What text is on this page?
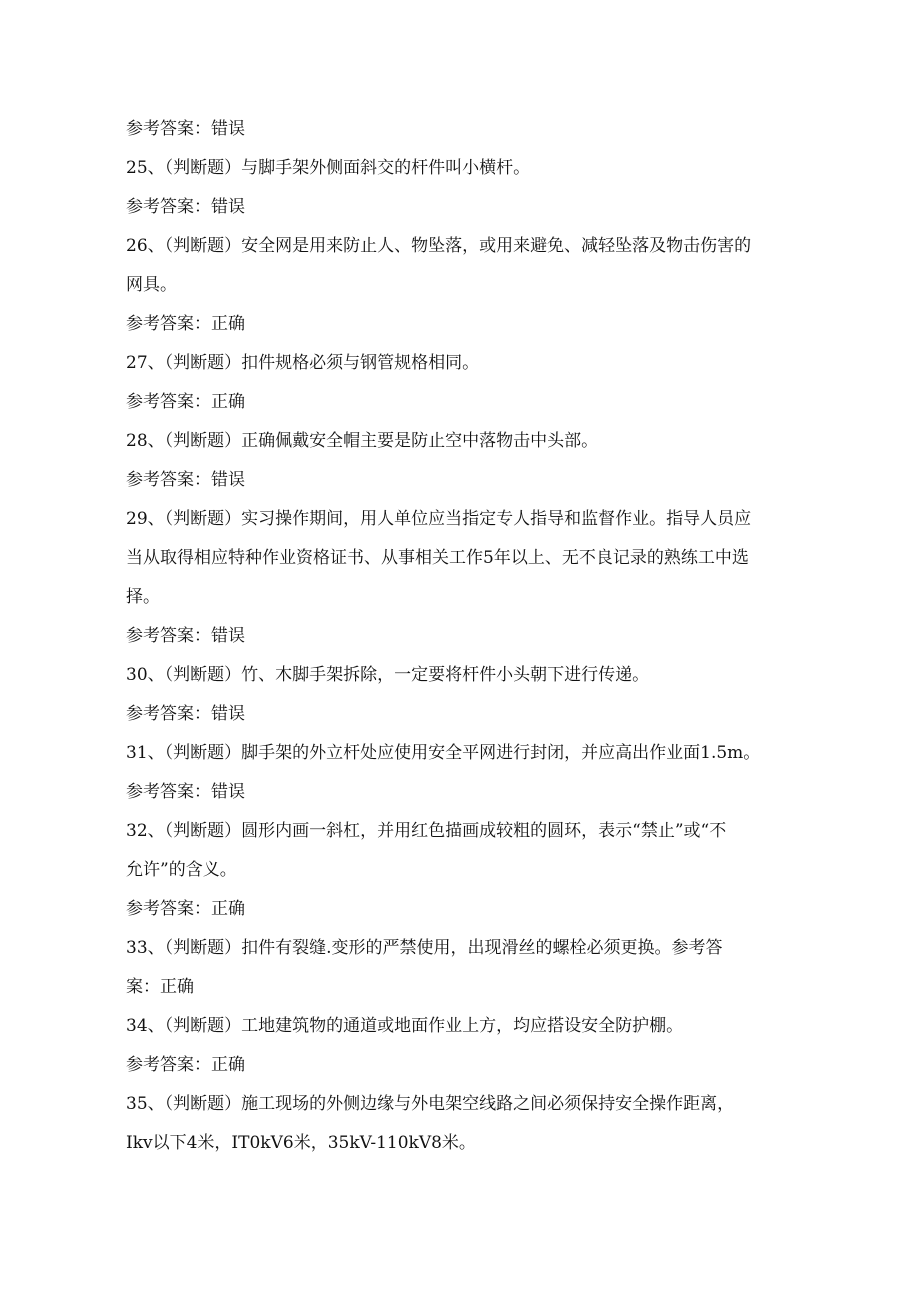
参考答案：错误
25、（判断题）与脚手架外侧面斜交的杆件叫小横杆。
参考答案：错误
26、（判断题）安全网是用来防止人、物坠落，或用来避免、减轻坠落及物击伤害的
网具。
参考答案：正确
27、（判断题）扣件规格必须与钢管规格相同。
参考答案：正确
28、（判断题）正确佩戴安全帽主要是防止空中落物击中头部。
参考答案：错误
29、（判断题）实习操作期间，用人单位应当指定专人指导和监督作业。指导人员应
当从取得相应特种作业资格证书、从事相关工作5年以上、无不良记录的熟练工中选
择。
参考答案：错误
30、（判断题）竹、木脚手架拆除，一定要将杆件小头朝下进行传递。
参考答案：错误
31、（判断题）脚手架的外立杆处应使用安全平网进行封闭，并应高出作业面1.5m。
参考答案：错误
32、（判断题）圆形内画一斜杠，并用红色描画成较粗的圆环，表示“禁止”或“不
允许”的含义。
参考答案：正确
33、（判断题）扣件有裂缝.变形的严禁使用，出现滑丝的螺栓必须更换。参考答
案：正确
34、（判断题）工地建筑物的通道或地面作业上方，均应搭设安全防护棚。
参考答案：正确
35、（判断题）施工现场的外侧边缘与外电架空线路之间必须保持安全操作距离，
Ikv以下4米，IT0kV6米，35kV-110kV8米。
